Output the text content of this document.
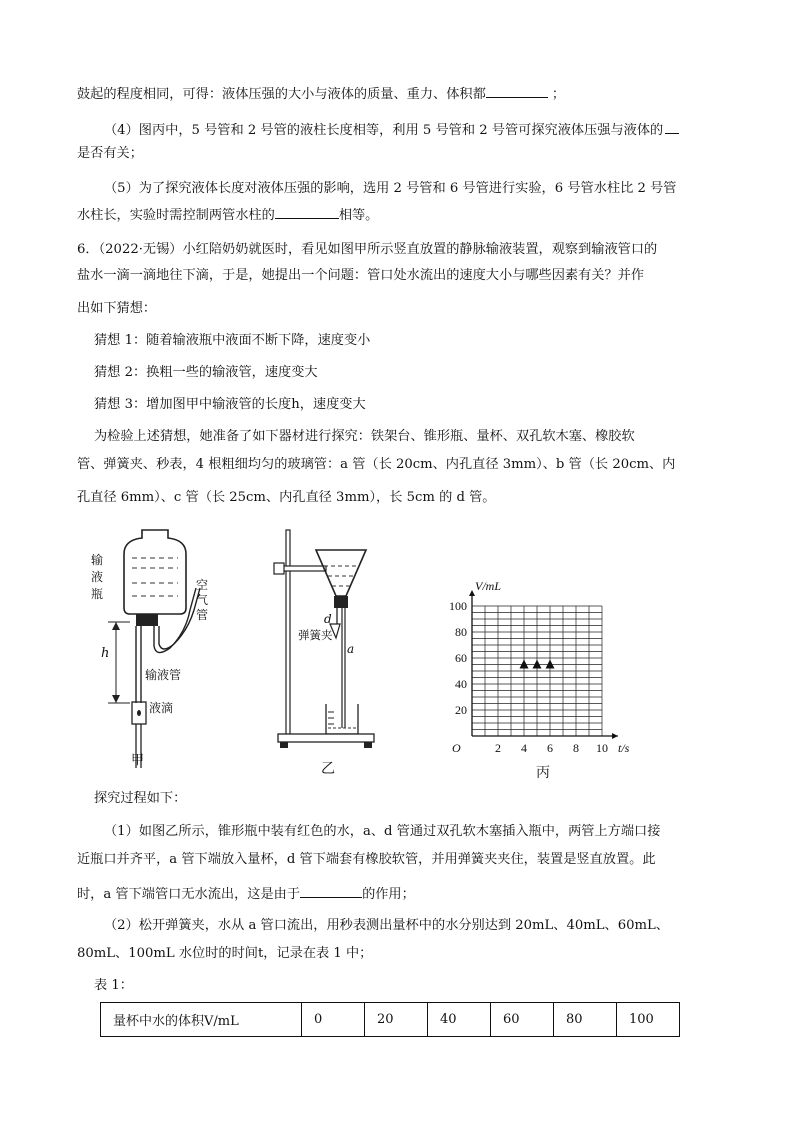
鼓起的程度相同，可得：液体压强的大小与液体的质量、重力、体积都	；
（4）图丙中，5 号管和 2 号管的液柱长度相等，利用 5 号管和 2 号管可探究液体压强与液体的
是否有关；
（5）为了探究液体长度对液体压强的影响，选用 2 号管和 6 号管进行实验，6 号管水柱比 2 号管
水柱长，实验时需控制两管水柱的	相等。
6．（2022·无锡）小红陪奶奶就医时，看见如图甲所示竖直放置的静脉输液装置，观察到输液管口的
盐水一滴一滴地往下滴，于是，她提出一个问题：管口处水流出的速度大小与哪些因素有关？并作
出如下猜想：
猜想 1：随着输液瓶中液面不断下降，速度变小
猜想 2：换粗一些的输液管，速度变大
猜想 3：增加图甲中输液管的长度h，速度变大
为检验上述猜想，她准备了如下器材进行探究：铁架台、锥形瓶、量杯、双孔软木塞、橡胶软
管、弹簧夹、秒表，4 根粗细均匀的玻璃管：a 管（长 20cm、内孔直径 3mm）、b 管（长 20cm、内
孔直径 6mm）、c 管（长 25cm、内孔直径 3mm），长 5cm 的 d 管。
输液瓶
空气管
h
输液管
液滴
甲
d
弹簧夹
a
乙
2 4 6 8 10
20
40
60
80
100
O	t/s
V/mL
丙
探究过程如下：
（1）如图乙所示，锥形瓶中装有红色的水，a、d 管通过双孔软木塞插入瓶中，两管上方端口接
近瓶口并齐平，a 管下端放入量杯，d 管下端套有橡胶软管，并用弹簧夹夹住，装置是竖直放置。此
时，a 管下端管口无水流出，这是由于	的作用；
（2）松开弹簧夹，水从 a 管口流出，用秒表测出量杯中的水分别达到 20mL、40mL、60mL、
80mL、100mL 水位时的时间t，记录在表 1 中；
表 1：
量杯中水的体积V/mL	0	20	40	60	80	100
